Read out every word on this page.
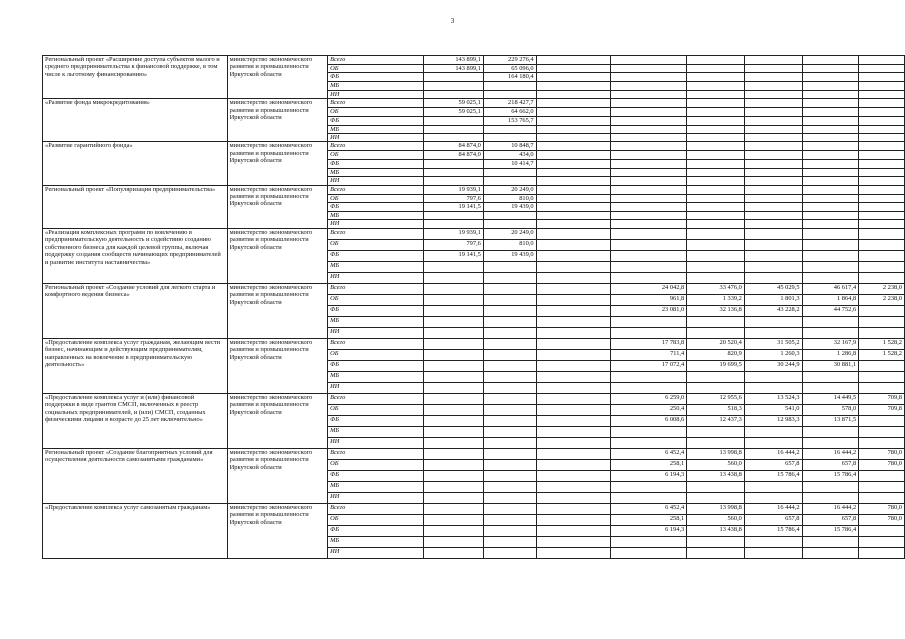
3
Региональный проект «Расширение доступа субъектов малого и среднего предпринимательства к финансовой поддержке, в том числе к льготному финансированию»	министерство экономического развития и промышленности Иркутской области	Всего	143 899,1	229 276,4						
		ОБ	143 899,1	65 096,0						
		ФБ		164 180,4						
		МБ								
		ИИ								
«Развитие фонда микрокредитования»	министерство экономического развития и промышленности Иркутской области	Всего	59 025,1	218 427,7						
		ОБ	59 025,1	64 662,0						
		ФБ		153 765,7						
		МБ								
		ИИ								
«Развитие гарантийного фонда»	министерство экономического развития и промышленности Иркутской области	Всего	84 874,0	10 848,7						
		ОБ	84 874,0	434,0						
		ФБ		10 414,7						
		МБ								
		ИИ								
Региональный проект «Популяризация предпринимательства»	министерство экономического развития и промышленности Иркутской области	Всего	19 939,1	20 249,0						
		ОБ	797,6	810,0						
		ФБ	19 141,5	19 439,0						
		МБ								
		ИИ								
«Реализация комплексных программ по вовлечению в предпринимательскую деятельность и содействию созданию собственного бизнеса для каждой целевой группы, включая поддержку создания сообществ начинающих предпринимателей и развитие института наставничества»	министерство экономического развития и промышленности Иркутской области	Всего	19 939,1	20 249,0						
		ОБ	797,6	810,0						
		ФБ	19 141,5	19 439,0						
		МБ								
		ИИ								
Региональный проект «Создание условий для легкого старта и комфортного ведения бизнеса»	министерство экономического развития и промышленности Иркутской области	Всего				24 042,8	33 476,0	45 029,5	46 617,4	2 238,0
		ОБ				961,8	1 339,2	1 801,3	1 864,8	2 238,0
		ФБ				23 081,0	32 136,8	43 228,2	44 752,6	
		МБ								
		ИИ								
«Предоставление комплекса услуг гражданам, желающим вести бизнес, начинающим и действующим предпринимателям, направленных на вовлечение в предпринимательскую деятельность»	министерство экономического развития и промышленности Иркутской области	Всего				17 783,8	20 520,4	31 505,2	32 167,9	1 528,2
		ОБ				711,4	820,9	1 260,3	1 286,8	1 528,2
		ФБ				17 072,4	19 699,5	30 244,9	30 881,1	
		МБ								
		ИИ								
«Предоставление комплекса услуг и (или) финансовой поддержки в виде грантов СМСП, включенных в реестр социальных предпринимателей, и (или) СМСП, созданных физическими лицами в возрасте до 25 лет включительно»	министерство экономического развития и промышленности Иркутской области	Всего				6 259,0	12 955,6	13 524,3	14 449,5	709,8
		ОБ				250,4	518,3	541,0	578,0	709,8
		ФБ				6 008,6	12 437,3	12 983,3	13 871,5	
		МБ								
		ИИ								
Региональный проект «Создание благоприятных условий для осуществления деятельности самозанятыми гражданами»	министерство экономического развития и промышленности Иркутской области	Всего				6 452,4	13 998,8	16 444,2	16 444,2	780,0
		ОБ				258,1	560,0	657,8	657,8	780,0
		ФБ				6 194,3	13 438,8	15 786,4	15 786,4	
		МБ								
		ИИ								
«Предоставление комплекса услуг самозанятым гражданам»	министерство экономического развития и промышленности Иркутской области	Всего				6 452,4	13 998,8	16 444,2	16 444,2	780,0
		ОБ				258,1	560,0	657,8	657,8	780,0
		ФБ				6 194,3	13 438,8	15 786,4	15 786,4	
		МБ								
		ИИ								
